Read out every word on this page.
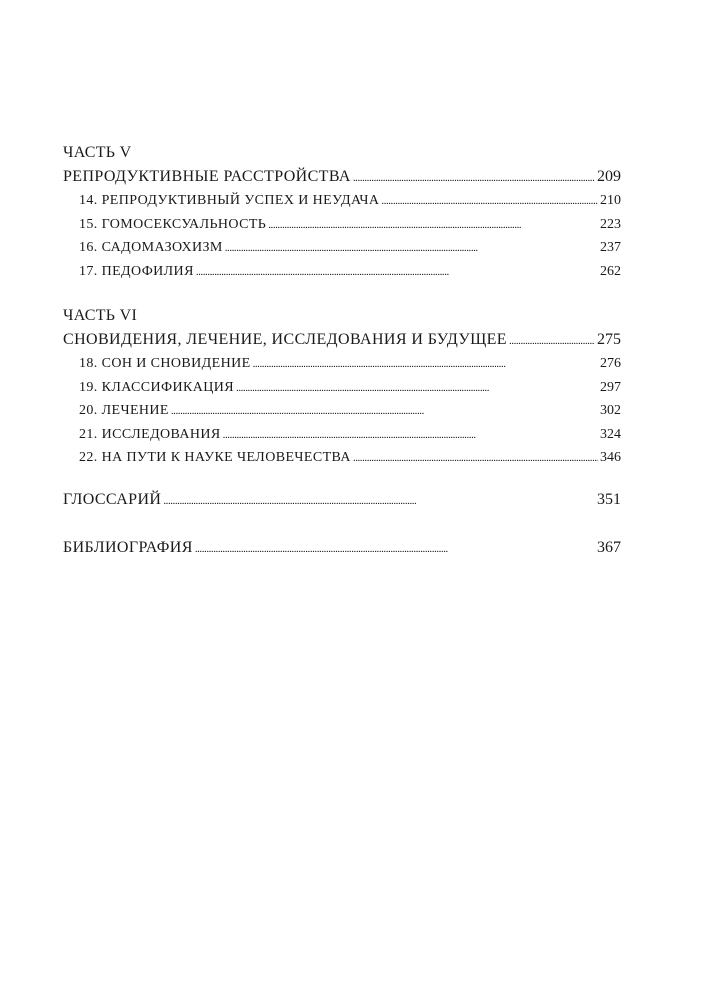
ЧАСТЬ V
РЕПРОДУКТИВНЫЕ РАССТРОЙСТВА . . .	209
14. РЕПРОДУКТИВНЫЙ УСПЕХ И НЕУДАЧА . . .	210
15. ГОМОСЕКСУАЛЬНОСТЬ . . .	223
16. САДОМАЗОХИЗМ . . .	237
17. ПЕДОФИЛИЯ . . .	262
ЧАСТЬ VI
СНОВИДЕНИЯ, ЛЕЧЕНИЕ, ИССЛЕДОВАНИЯ И БУДУЩЕЕ . . .	275
18. СОН И СНОВИДЕНИЕ . . .	276
19. КЛАССИФИКАЦИЯ . . .	297
20. ЛЕЧЕНИЕ . . .	302
21. ИССЛЕДОВАНИЯ . . .	324
22. НА ПУТИ К НАУКЕ ЧЕЛОВЕЧЕСТВА . . .	346
ГЛОССАРИЙ . . .	351
БИБЛИОГРАФИЯ . . .	367
